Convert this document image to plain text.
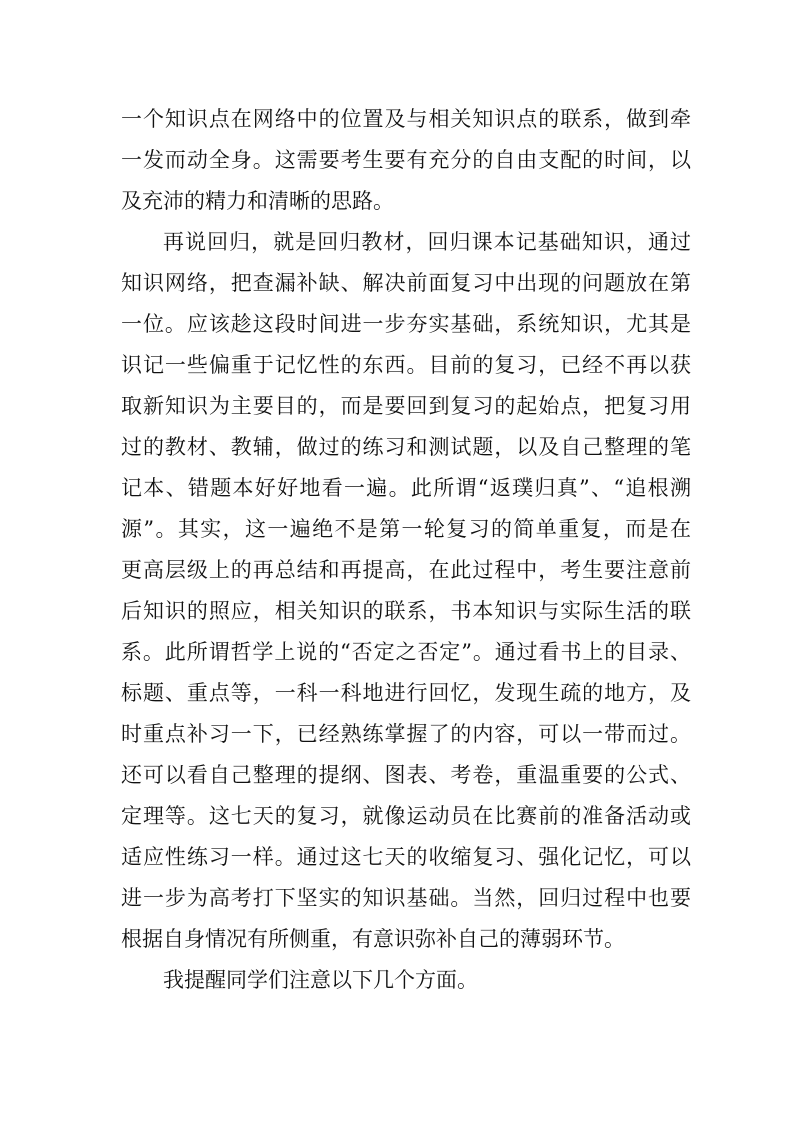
一个知识点在网络中的位置及与相关知识点的联系，做到牵
一发而动全身。这需要考生要有充分的自由支配的时间，以
及充沛的精力和清晰的思路。
再说回归，就是回归教材，回归课本记基础知识，通过
知识网络，把查漏补缺、解决前面复习中出现的问题放在第
一位。应该趁这段时间进一步夯实基础，系统知识，尤其是
识记一些偏重于记忆性的东西。目前的复习，已经不再以获
取新知识为主要目的，而是要回到复习的起始点，把复习用
过的教材、教辅，做过的练习和测试题，以及自己整理的笔
记本、错题本好好地看一遍。此所谓“返璞归真”、“追根溯
源”。其实，这一遍绝不是第一轮复习的简单重复，而是在
更高层级上的再总结和再提高，在此过程中，考生要注意前
后知识的照应，相关知识的联系，书本知识与实际生活的联
系。此所谓哲学上说的“否定之否定”。通过看书上的目录、
标题、重点等，一科一科地进行回忆，发现生疏的地方，及
时重点补习一下，已经熟练掌握了的内容，可以一带而过。
还可以看自己整理的提纲、图表、考卷，重温重要的公式、
定理等。这七天的复习，就像运动员在比赛前的准备活动或
适应性练习一样。通过这七天的收缩复习、强化记忆，可以
进一步为高考打下坚实的知识基础。当然，回归过程中也要
根据自身情况有所侧重，有意识弥补自己的薄弱环节。
我提醒同学们注意以下几个方面。
